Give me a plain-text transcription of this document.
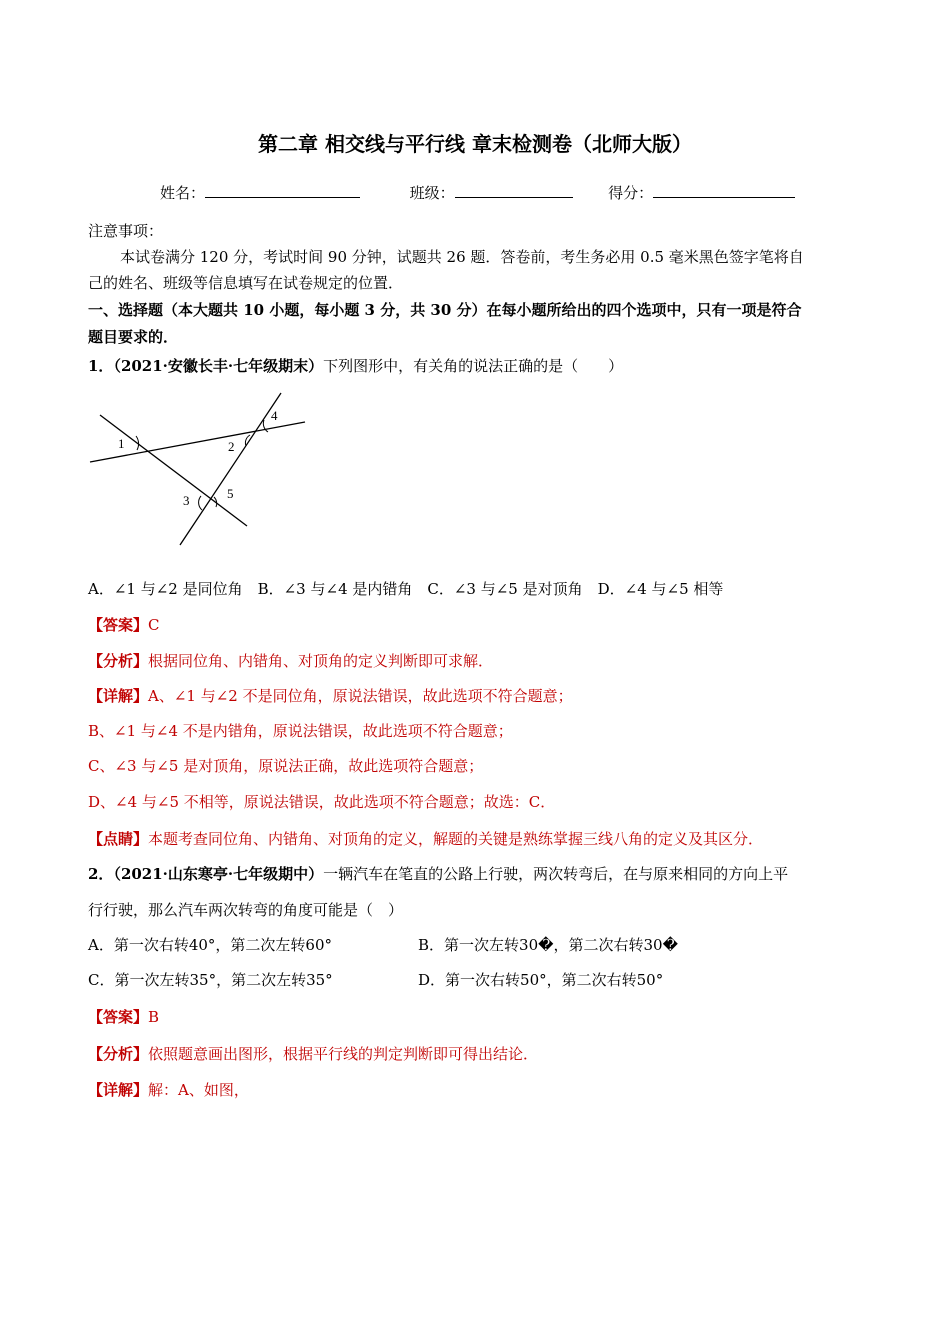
第二章 相交线与平行线 章末检测卷（北师大版）
姓名：	班级：	得分：
注意事项：
本试卷满分 120 分，考试时间 90 分钟，试题共 26 题．答卷前，考生务必用 0.5 毫米黑色签字笔将自
己的姓名、班级等信息填写在试卷规定的位置．
一、选择题（本大题共 10 小题，每小题 3 分，共 30 分）在每小题所给出的四个选项中，只有一项是符合
题目要求的．
1．（2021·安徽长丰·七年级期末）下列图形中，有关角的说法正确的是（　　）
1	2
3
4
5
A．∠1 与∠2 是同位角　B．∠3 与∠4 是内错角　C．∠3 与∠5 是对顶角　D．∠4 与∠5 相等
【答案】C
【分析】根据同位角、内错角、对顶角的定义判断即可求解．
【详解】A、∠1 与∠2 不是同位角，原说法错误，故此选项不符合题意；
B、∠1 与∠4 不是内错角，原说法错误，故此选项不符合题意；
C、∠3 与∠5 是对顶角，原说法正确，故此选项符合题意；
D、∠4 与∠5 不相等，原说法错误，故此选项不符合题意；故选：C．
【点睛】本题考查同位角、内错角、对顶角的定义，解题的关键是熟练掌握三线八角的定义及其区分．
2．（2021·山东寒亭·七年级期中）一辆汽车在笔直的公路上行驶，两次转弯后，在与原来相同的方向上平
行行驶，那么汽车两次转弯的角度可能是（　）
A．第一次右转40°，第二次左转60°	B．第一次左转30�，第二次右转30�
C．第一次左转35°，第二次左转35°	D．第一次右转50°，第二次右转50°
【答案】B
【分析】依照题意画出图形，根据平行线的判定判断即可得出结论．
【详解】解：A、如图，
